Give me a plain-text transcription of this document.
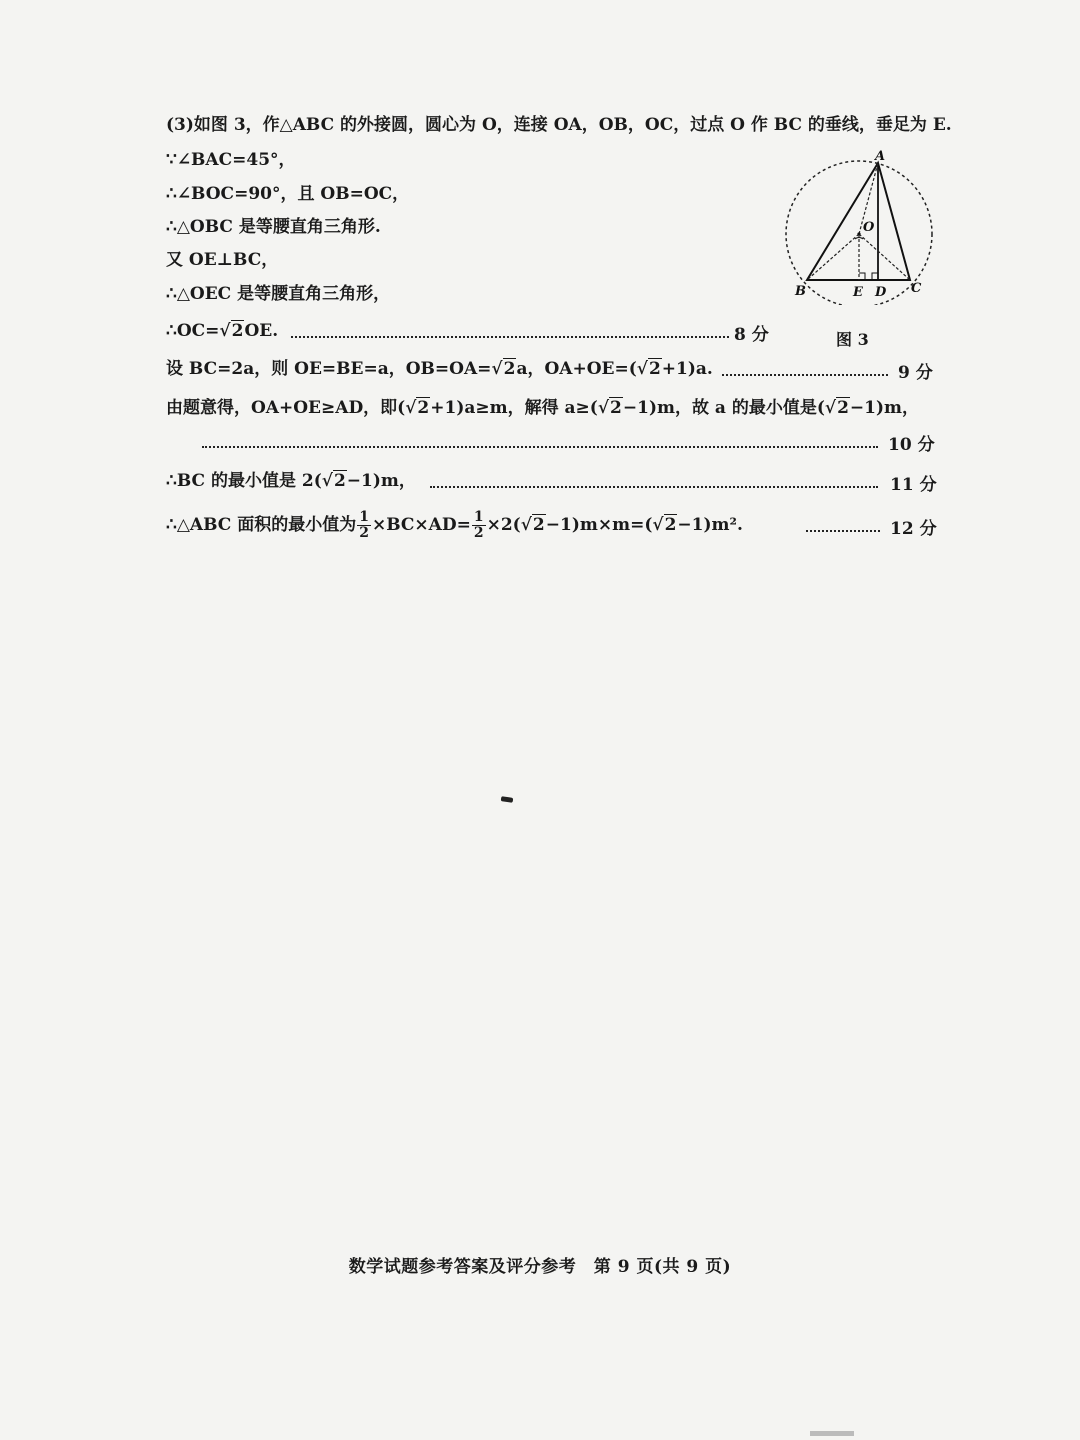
(3)如图 3，作△ABC 的外接圆，圆心为 O，连接 OA，OB，OC，过点 O 作 BC 的垂线，垂足为 E.
∵∠BAC=45°，
∴∠BOC=90°，且 OB=OC，
∴△OBC 是等腰直角三角形.
又 OE⊥BC，
∴△OEC 是等腰直角三角形，
∴OC=√2OE.	8 分
设 BC=2a，则 OE=BE=a，OB=OA=√2a，OA+OE=(√2+1)a.	9 分
由题意得，OA+OE≥AD，即(√2+1)a≥m，解得 a≥(√2−1)m，故 a 的最小值是(√2−1)m，
10 分
∴BC 的最小值是 2(√2−1)m，	11 分
∴△ABC 面积的最小值为 $\frac{1}{2} \times BC\times AD= \frac{1}{2} \times 2(√2-1)m\times m=(√2-1)m^2$.	12 分
A
O
B	E D C
图 3
数学试题参考答案及评分参考　第 9 页(共 9 页)
